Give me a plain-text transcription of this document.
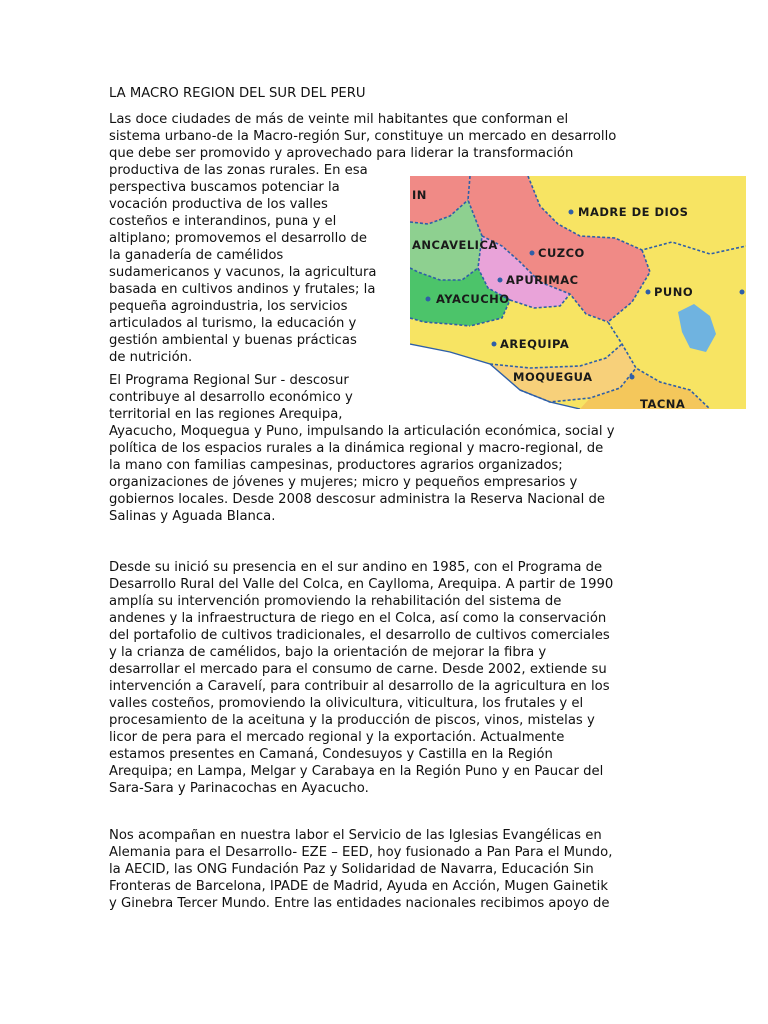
LA MACRO REGION DEL SUR DEL PERU
Las doce ciudades de más de veinte mil habitantes que conforman el
sistema urbano-de la Macro-región Sur, constituye un mercado en desarrollo
que debe ser promovido y aprovechado para liderar la transformación
productiva de las zonas rurales. En esa
perspectiva buscamos potenciar la
vocación productiva de los valles
costeños e interandinos, puna y el
altiplano; promovemos el desarrollo de
la ganadería de camélidos
sudamericanos y vacunos, la agricultura
basada en cultivos andinos y frutales; la
pequeña agroindustria, los servicios
articulados al turismo, la educación y
gestión ambiental y buenas prácticas
de nutrición.
El Programa Regional Sur - descosur
contribuye al desarrollo económico y
territorial en las regiones Arequipa,
Ayacucho, Moquegua y Puno, impulsando la articulación económica, social y
política de los espacios rurales a la dinámica regional y macro-regional, de
la mano con familias campesinas, productores agrarios organizados;
organizaciones de jóvenes y mujeres; micro y pequeños empresarios y
gobiernos locales. Desde 2008 descosur administra la Reserva Nacional de
Salinas y Aguada Blanca.
Desde su inició su presencia en el sur andino en 1985, con el Programa de
Desarrollo Rural del Valle del Colca, en Caylloma, Arequipa. A partir de 1990
amplía su intervención promoviendo la rehabilitación del sistema de
andenes y la infraestructura de riego en el Colca, así como la conservación
del portafolio de cultivos tradicionales, el desarrollo de cultivos comerciales
y la crianza de camélidos, bajo la orientación de mejorar la fibra y
desarrollar el mercado para el consumo de carne. Desde 2002, extiende su
intervención a Caravelí, para contribuir al desarrollo de la agricultura en los
valles costeños, promoviendo la olivicultura, viticultura, los frutales y el
procesamiento de la aceituna y la producción de piscos, vinos, mistelas y
licor de pera para el mercado regional y la exportación. Actualmente
estamos presentes en Camaná, Condesuyos y Castilla en la Región
Arequipa; en Lampa, Melgar y Carabaya en la Región Puno y en Paucar del
Sara-Sara y Parinacochas en Ayacucho.
Nos acompañan en nuestra labor el Servicio de las Iglesias Evangélicas en
Alemania para el Desarrollo- EZE – EED, hoy fusionado a Pan Para el Mundo,
la AECID, las ONG Fundación Paz y Solidaridad de Navarra, Educación Sin
Fronteras de Barcelona, IPADE de Madrid, Ayuda en Acción, Mugen Gainetik
y Ginebra Tercer Mundo. Entre las entidades nacionales recibimos apoyo de
IN
MADRE DE DIOS
ANCAVELICA
CUZCO
APURIMAC
PUNO
AYACUCHO
AREQUIPA
MOQUEGUA
TACNA
